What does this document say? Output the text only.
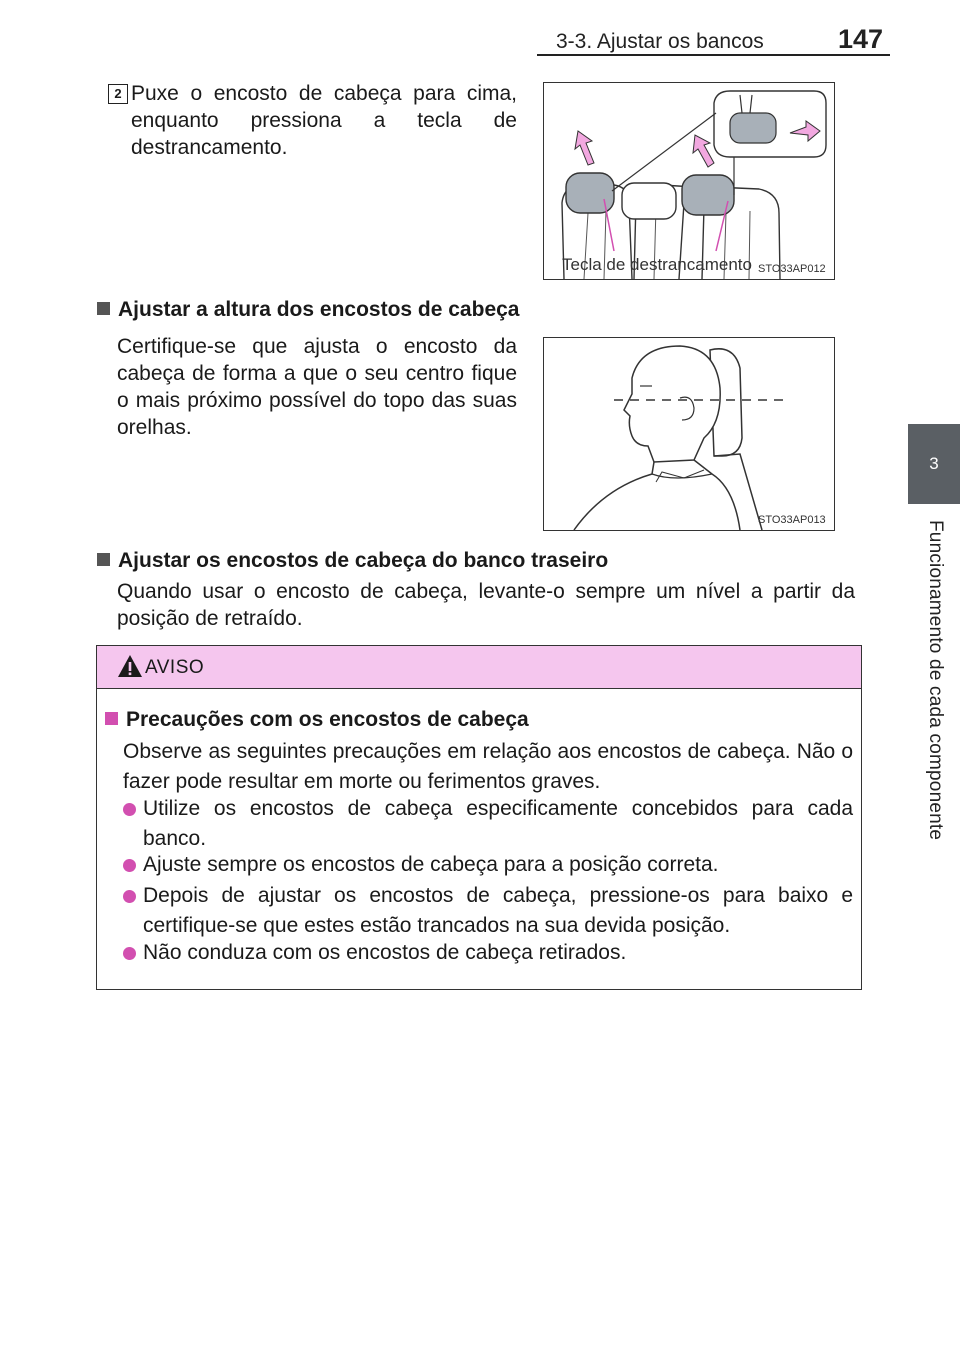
3-3. Ajustar os bancos	147
3
Funcionamento de cada componente
2 Puxe o encosto de cabeça para cima, enquanto pressiona a tecla de destrancamento.
Tecla de destrancamento STO33AP012
Ajustar a altura dos encostos de cabeça
Certifique-se que ajusta o encosto da cabeça de forma a que o seu centro fique o mais próximo possível do topo das suas orelhas.
STO33AP013
Ajustar os encostos de cabeça do banco traseiro
Quando usar o encosto de cabeça, levante-o sempre um nível a partir da posição de retraído.
AVISO
Precauções com os encostos de cabeça
Observe as seguintes precauções em relação aos encostos de cabeça. Não o fazer pode resultar em morte ou ferimentos graves.
Utilize os encostos de cabeça especificamente concebidos para cada banco.
Ajuste sempre os encostos de cabeça para a posição correta.
Depois de ajustar os encostos de cabeça, pressione-os para baixo e certifique-se que estes estão trancados na sua devida posição.
Não conduza com os encostos de cabeça retirados.
